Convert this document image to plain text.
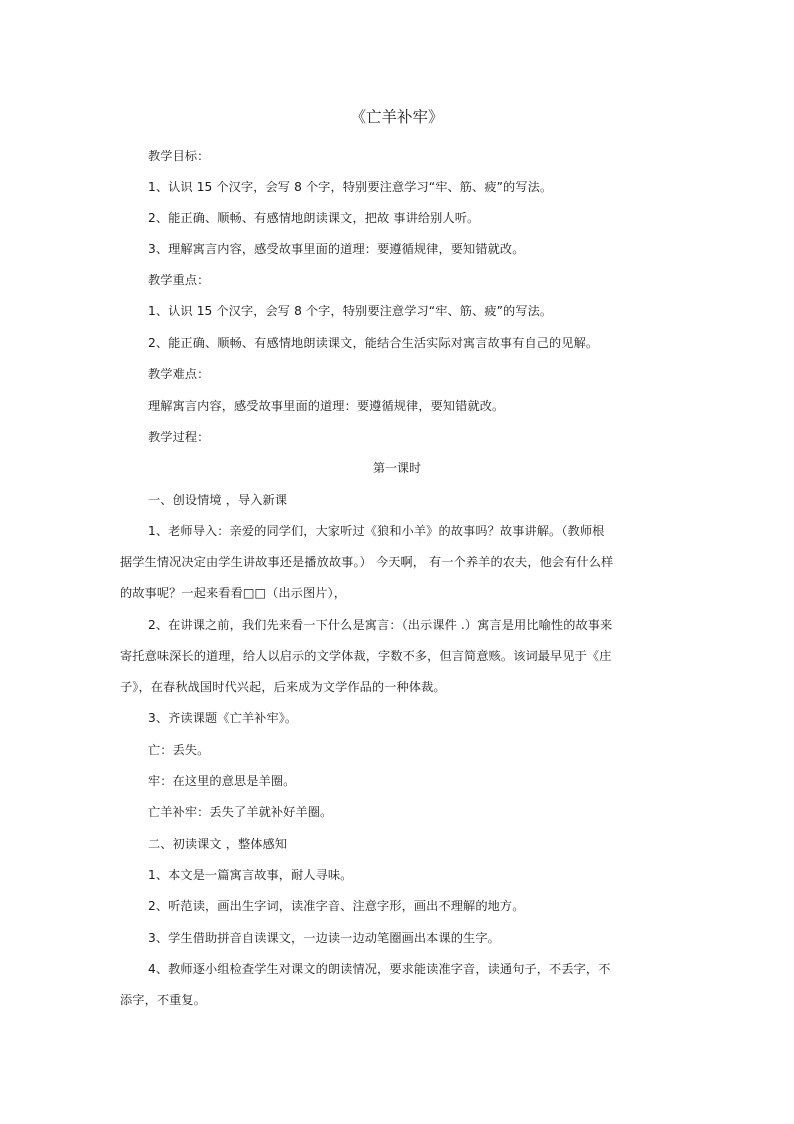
《亡羊补牢》
教学目标：
1、认识 15 个汉字，会写 8 个字，特别要注意学习“牢、筋、疲”的写法。
2、能正确、顺畅、有感情地朗读课文，把故 事讲给别人听。
3、理解寓言内容，感受故事里面的道理：要遵循规律，要知错就改。
教学重点：
1、认识 15 个汉字，会写 8 个字，特别要注意学习“牢、筋、疲”的写法。
2、能正确、顺畅、有感情地朗读课文，能结合生活实际对寓言故事有自己的见解。
教学难点：
理解寓言内容，感受故事里面的道理：要遵循规律，要知错就改。
教学过程：
第一课时
一、创设情境 ，导入新课
1、老师导入：亲爱的同学们，大家听过《狼和小羊》的故事吗？故事讲解。（教师根
据学生情况决定由学生讲故事还是播放故事。） 今天啊， 有一个养羊的农夫，他会有什么样
的故事呢？一起来看看□□（出示图片），
2、在讲课之前，我们先来看一下什么是寓言：（出示课件 .）寓言是用比喻性的故事来
寄托意味深长的道理，给人以启示的文学体裁，字数不多，但言简意赅。该词最早见于《庄
子》，在春秋战国时代兴起，后来成为文学作品的一种体裁。
3、齐读课题《亡羊补牢》。
亡：丢失。
牢：在这里的意思是羊圈。
亡羊补牢：丢失了羊就补好羊圈。
二、初读课文 ，整体感知
1、本文是一篇寓言故事，耐人寻味。
2、听范读，画出生字词，读准字音、注意字形，画出不理解的地方。
3、学生借助拼音自读课文，一边读一边动笔圈画出本课的生字。
4、教师逐小组检查学生对课文的朗读情况，要求能读准字音，读通句子，不丢字，不
添字，不重复。
